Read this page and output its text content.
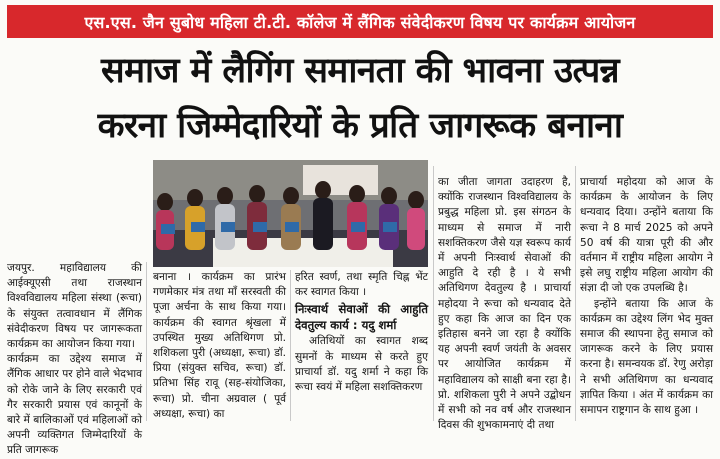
एस.एस. जैन सुबोध महिला टी.टी. कॉलेज में लैंगिक संवेदीकरण विषय पर कार्यक्रम आयोजन
समाज में लैगिंग समानता की भावना उत्पन्न
करना जिम्मेदारियों के प्रति जागरूक बनाना

जयपुर. महाविद्यालय की आईक्यूएसी तथा राजस्थान विश्वविद्यालय महिला संस्था (रूचा) के संयुक्त तत्वावधान में लैंगिक संवेदीकरण विषय पर जागरूकता कार्यक्रम का आयोजन किया गया।

कार्यक्रम का उद्देश्य समाज में लैंगिक आधार पर होने वाले भेदभाव को रोके जाने के लिए सरकारी एवं गैर सरकारी प्रयास एवं कानूनों के बारे में बालिकाओं एवं महिलाओं को अपनी व्यक्तिगत जिम्मेदारियों के प्रति जागरूक

बनाना । कार्यक्रम का प्रारंभ गणमेकार मंत्र तथा माँ सरस्वती की पूजा अर्चना के साथ किया गया। कार्यक्रम की स्वागत श्रृंखला में उपस्थित मुख्य अतिथिगण प्रो. शशिकला पुरी (अध्यक्षा, रूचा) डॉ. प्रिया (संयुक्त सचिव, रूचा) डॉ. प्रतिभा सिंह रावू (सह-संयोजिका, रूचा) प्रो. चीना अग्रवाल ( पूर्व अध्यक्षा, रूचा) का

हरित स्वर्ण, तथा स्मृति चिह्न भेंट कर स्वागत किया ।

निःस्वार्थ सेवाओं की आहुति देवतुल्य कार्य : यदु शर्मा

अतिथियों का स्वागत शब्द सुमनों के माध्यम से करते हुए प्राचार्या डॉ. यदु शर्मा ने कहा कि रूचा स्वयं में महिला सशक्तिकरण

का जीता जागता उदाहरण है, क्योंकि राजस्थान विश्वविद्यालय के प्रबुद्ध महिला प्रो. इस संगठन के माध्यम से समाज में नारी सशक्तिकरण जैसे यज्ञ स्वरूप कार्य में अपनी निःस्वार्थ सेवाओं की आहुति दे रही है । ये सभी अतिथिगण देवतुल्य है । प्राचार्या महोदया ने रूचा को धन्यवाद देते हुए कहा कि आज का दिन एक इतिहास बनने जा रहा है क्योंकि यह अपनी स्वर्ण जयंती के अवसर पर आयोजित कार्यक्रम में महाविद्यालय को साक्षी बना रहा है। प्रो. शशिकला पुरी ने अपने उद्बोधन में सभी को नव वर्ष और राजस्थान दिवस की शुभकामनाएं दी तथा

प्राचार्या महोदया को आज के कार्यक्रम के आयोजन के लिए धन्यवाद दिया। उन्होंने बताया कि रूचा ने 8 मार्च 2025 को अपने 50 वर्ष की यात्रा पूरी की और वर्तमान में राष्ट्रीय महिला आयोग ने इसे लघु राष्ट्रीय महिला आयोग की संज्ञा दी जो एक उपलब्धि है।

इन्होंने बताया कि आज के कार्यक्रम का उद्देश्य लिंग भेद मुक्त समाज की स्थापना हेतु समाज को जागरूक करने के लिए प्रयास करना है। समन्वयक डॉ. रेणु अरोड़ा ने सभी अतिथिगण का धन्यवाद ज्ञापित किया । अंत में कार्यक्रम का समापन राष्ट्रगान के साथ हुआ ।
